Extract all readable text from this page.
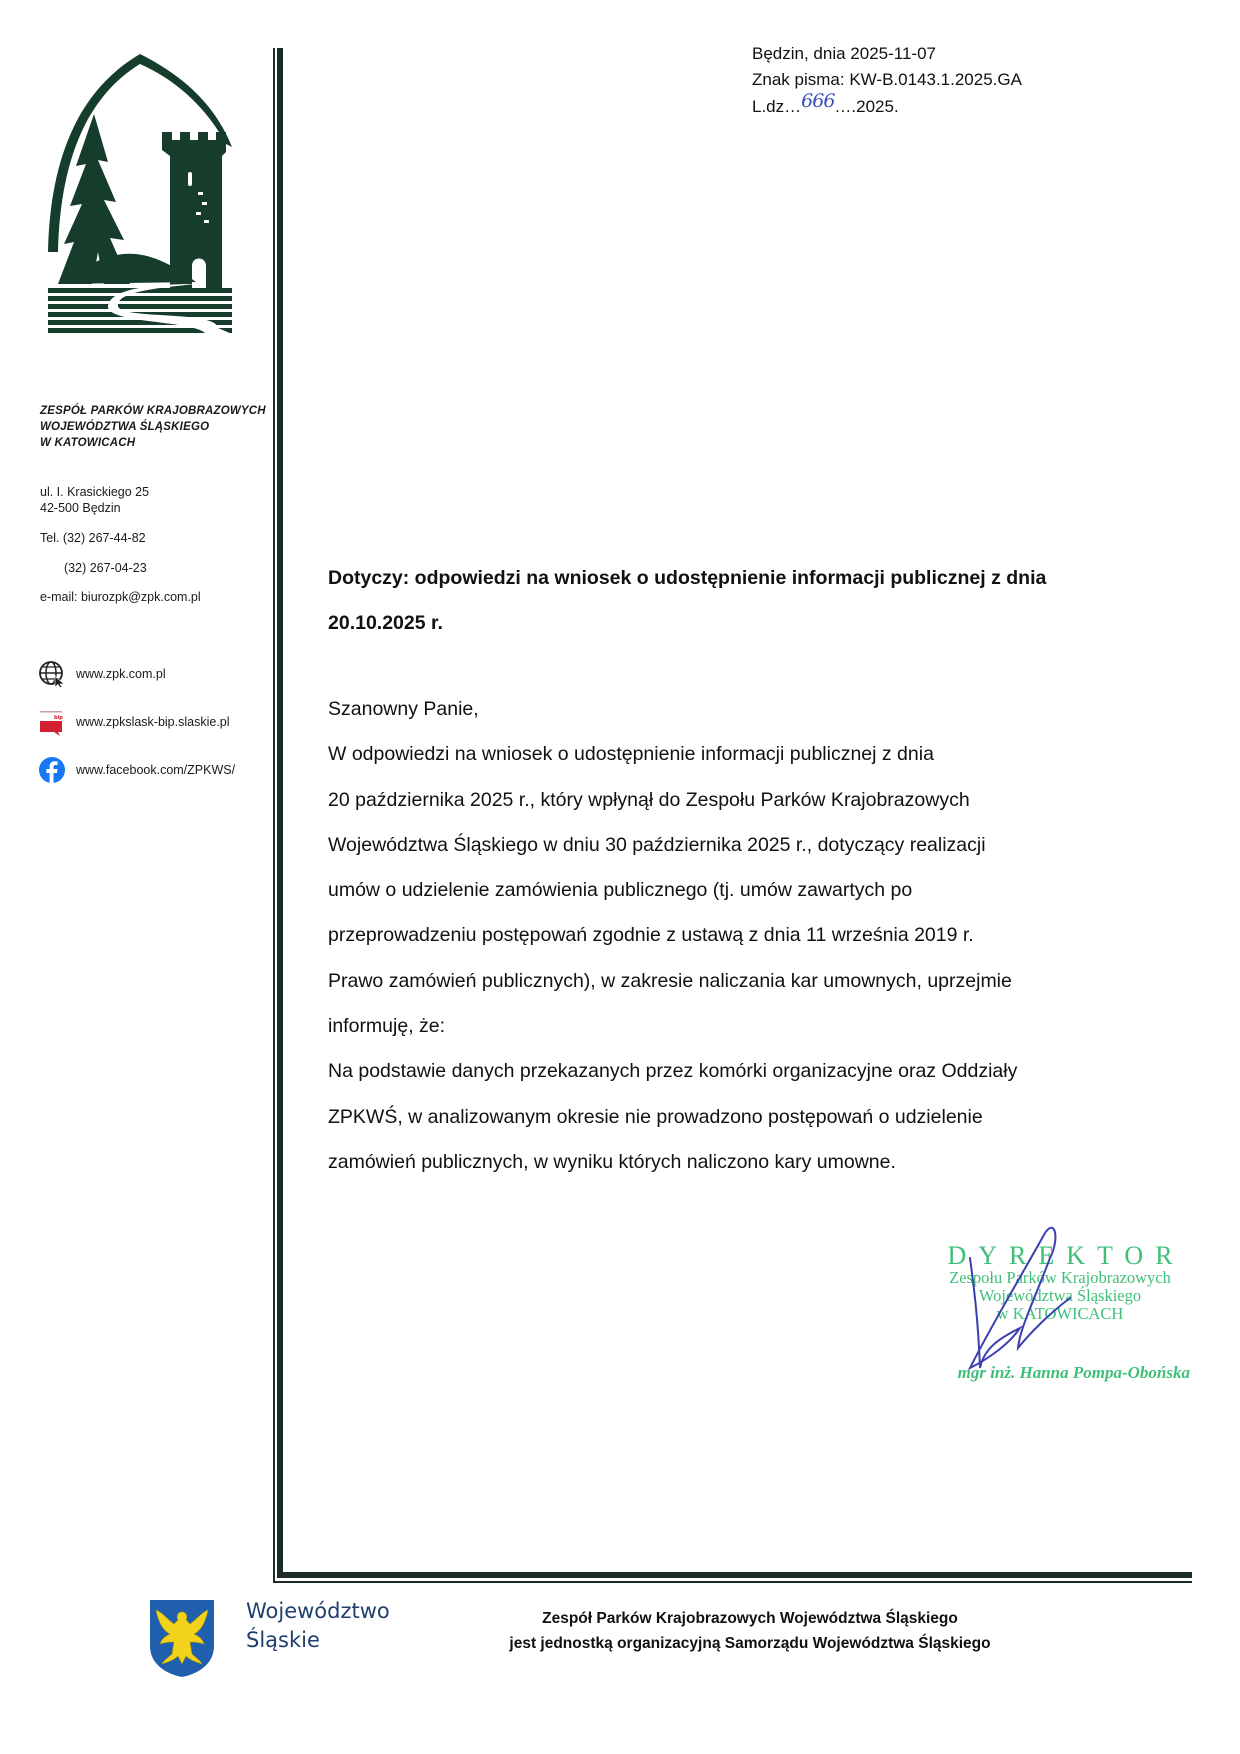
ZESPÓŁ PARKÓW KRAJOBRAZOWYCH
WOJEWÓDZTWA ŚLĄSKIEGO
W KATOWICACH
ul. I. Krasickiego 25
42-500 Będzin
Tel. (32) 267-44-82
(32) 267-04-23
e-mail: biurozpk@zpk.com.pl
www.zpk.com.pl
bip www.zpkslask-bip.slaskie.pl
www.facebook.com/ZPKWS/
Będzin, dnia 2025-11-07
Znak pisma: KW-B.0143.1.2025.GA
L.dz…666….2025.
Dotyczy: odpowiedzi na wniosek o udostępnienie informacji publicznej z dnia
20.10.2025 r.
Szanowny Panie,
W odpowiedzi na wniosek o udostępnienie informacji publicznej z dnia
20 października 2025 r., który wpłynął do Zespołu Parków Krajobrazowych
Województwa Śląskiego w dniu 30 października 2025 r., dotyczący realizacji
umów o udzielenie zamówienia publicznego (tj. umów zawartych po
przeprowadzeniu postępowań zgodnie z ustawą z dnia 11 września 2019 r.
Prawo zamówień publicznych), w zakresie naliczania kar umownych, uprzejmie
informuję, że:
Na podstawie danych przekazanych przez komórki organizacyjne oraz Oddziały
ZPKWŚ, w analizowanym okresie nie prowadzono postępowań o udzielenie
zamówień publicznych, w wyniku których naliczono kary umowne.
DYREKTOR
Zespołu Parków Krajobrazowych
Województwa Śląskiego
w KATOWICACH
mgr inż. Hanna Pompa-Obońska
Województwo
Śląskie
Zespół Parków Krajobrazowych Województwa Śląskiego
jest jednostką organizacyjną Samorządu Województwa Śląskiego
